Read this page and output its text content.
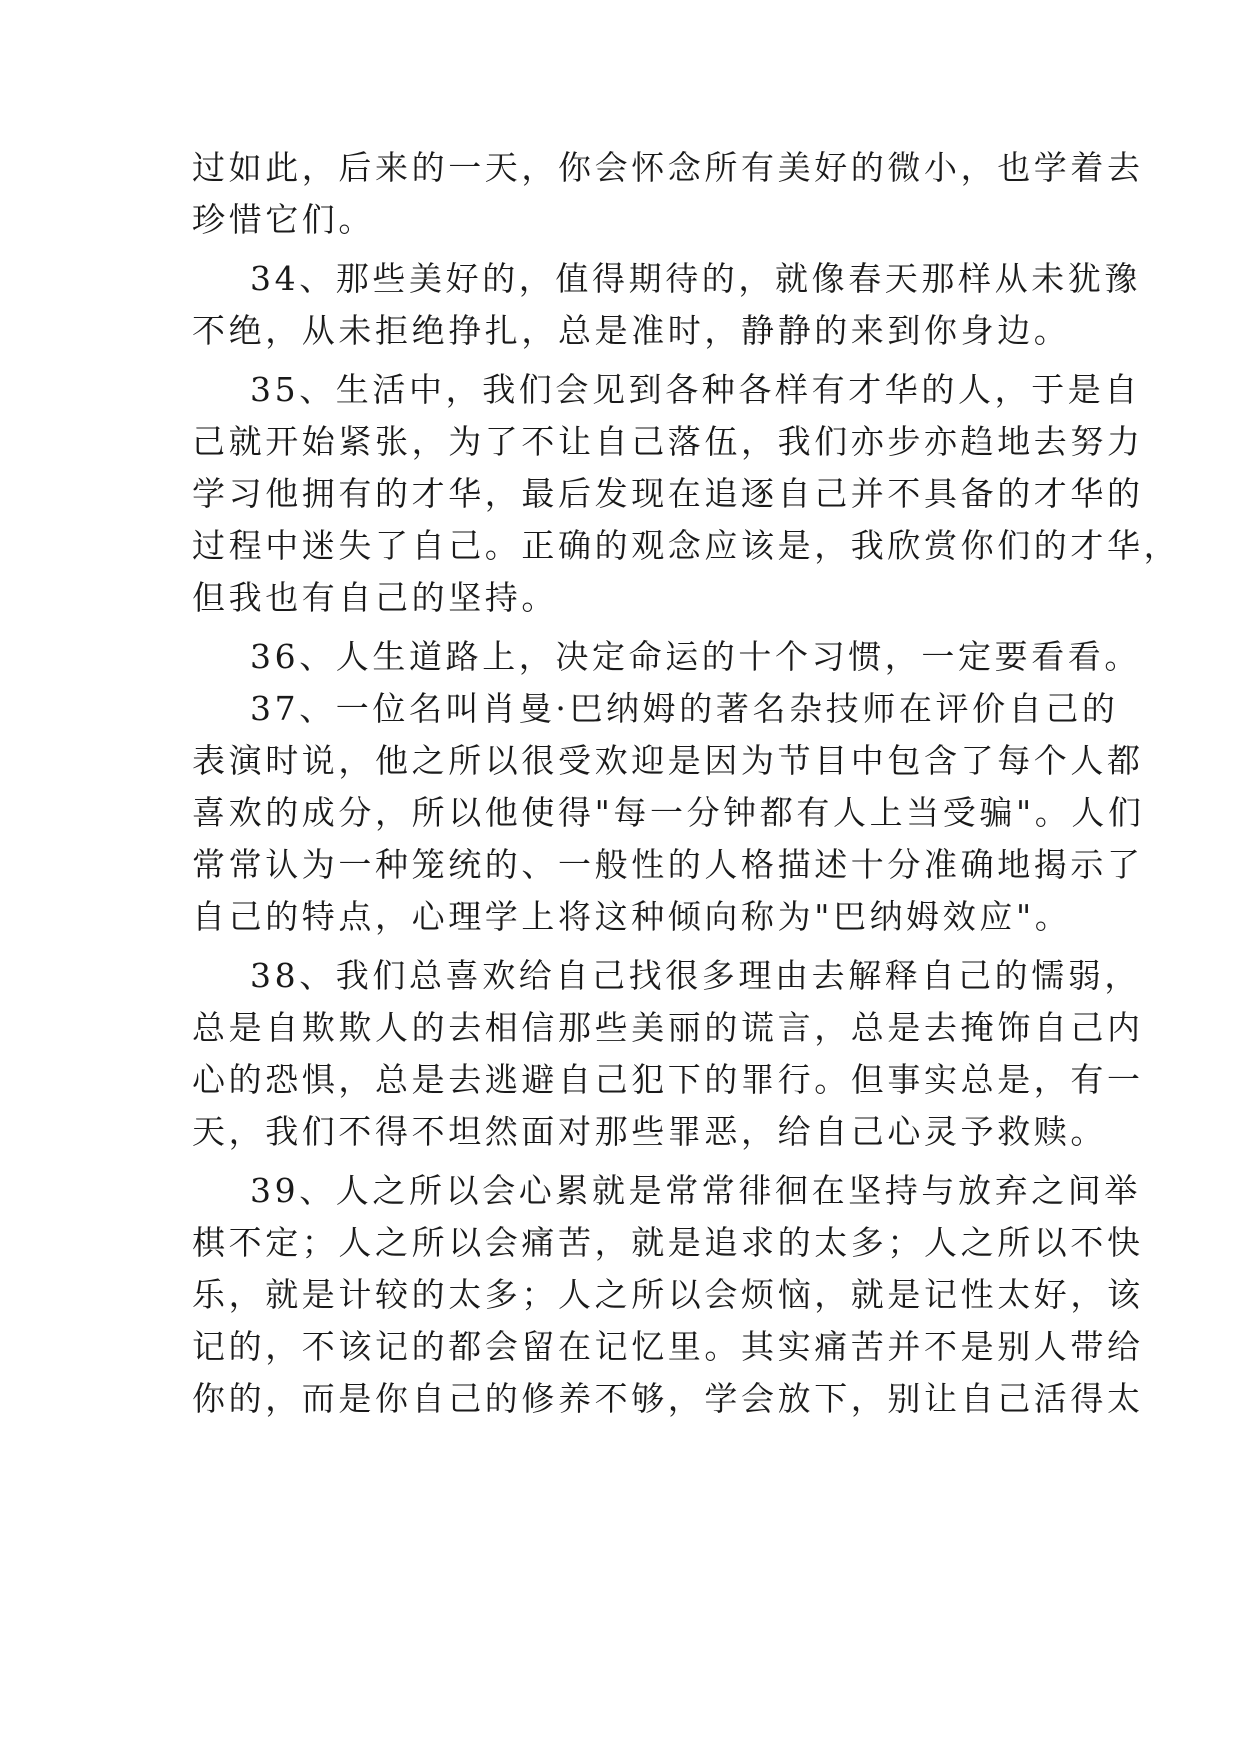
过如此，后来的一天，你会怀念所有美好的微小，也学着去
珍惜它们。
34、那些美好的，值得期待的，就像春天那样从未犹豫
不绝，从未拒绝挣扎，总是准时，静静的来到你身边。
35、生活中，我们会见到各种各样有才华的人，于是自
己就开始紧张，为了不让自己落伍，我们亦步亦趋地去努力
学习他拥有的才华，最后发现在追逐自己并不具备的才华的
过程中迷失了自己。正确的观念应该是，我欣赏你们的才华，
但我也有自己的坚持。
36、人生道路上，决定命运的十个习惯，一定要看看。
37、一位名叫肖曼·巴纳姆的著名杂技师在评价自己的
表演时说，他之所以很受欢迎是因为节目中包含了每个人都
喜欢的成分，所以他使得"每一分钟都有人上当受骗"。人们
常常认为一种笼统的、一般性的人格描述十分准确地揭示了
自己的特点，心理学上将这种倾向称为"巴纳姆效应"。
38、我们总喜欢给自己找很多理由去解释自己的懦弱，
总是自欺欺人的去相信那些美丽的谎言，总是去掩饰自己内
心的恐惧，总是去逃避自己犯下的罪行。但事实总是，有一
天，我们不得不坦然面对那些罪恶，给自己心灵予救赎。
39、人之所以会心累就是常常徘徊在坚持与放弃之间举
棋不定；人之所以会痛苦，就是追求的太多；人之所以不快
乐，就是计较的太多；人之所以会烦恼，就是记性太好，该
记的，不该记的都会留在记忆里。其实痛苦并不是别人带给
你的，而是你自己的修养不够，学会放下，别让自己活得太
